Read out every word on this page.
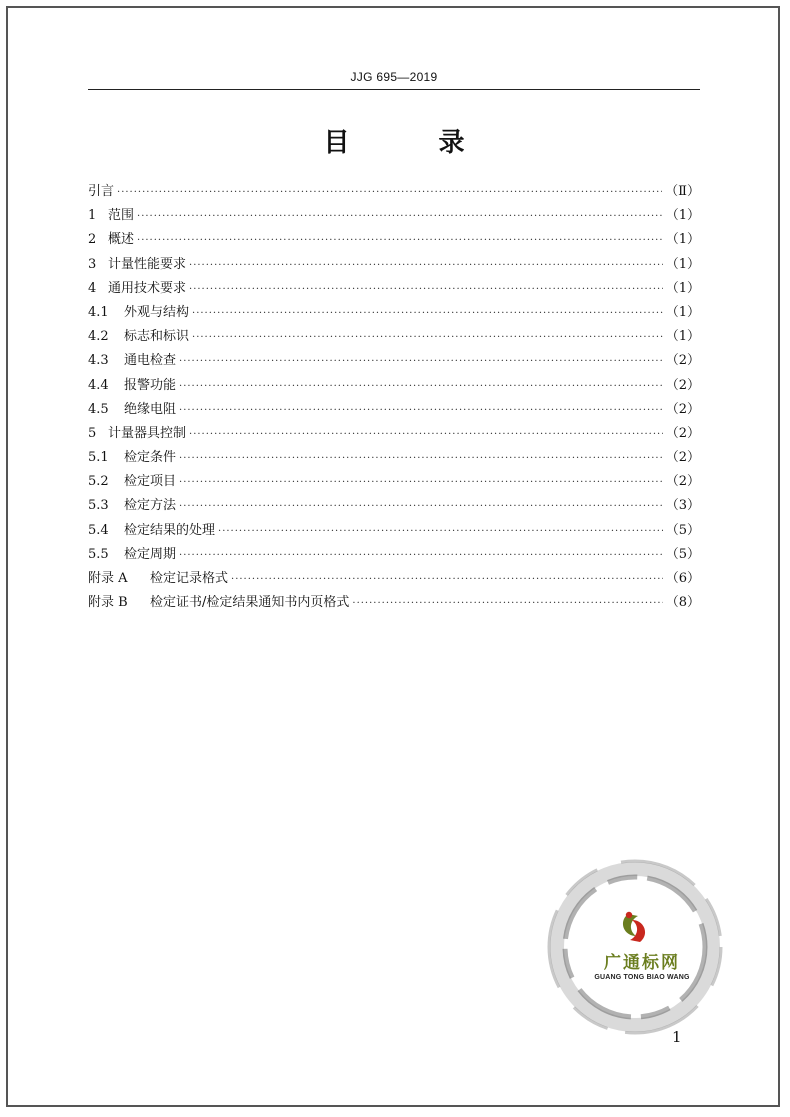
JJG 695—2019
目 录
引言 ·····	（Ⅱ）
1 范围 ·····	（1）
2 概述 ·····	（1）
3 计量性能要求 ·····	（1）
4 通用技术要求 ·····	（1）
4.1	外观与结构 ·····	（1）
4.2	标志和标识 ·····	（1）
4.3	通电检查 ·····	（2）
4.4	报警功能 ·····	（2）
4.5	绝缘电阻 ·····	（2）
5 计量器具控制 ·····	（2）
5.1	检定条件 ·····	（2）
5.2	检定项目 ·····	（2）
5.3	检定方法 ·····	（3）
5.4	检定结果的处理 ·····	（5）
5.5	检定周期 ·····	（5）
附录 A	检定记录格式 ·····	（6）
附录 B	检定证书/检定结果通知书内页格式 ·····	（8）
广通标网
GUANG TONG BIAO WANG
1
